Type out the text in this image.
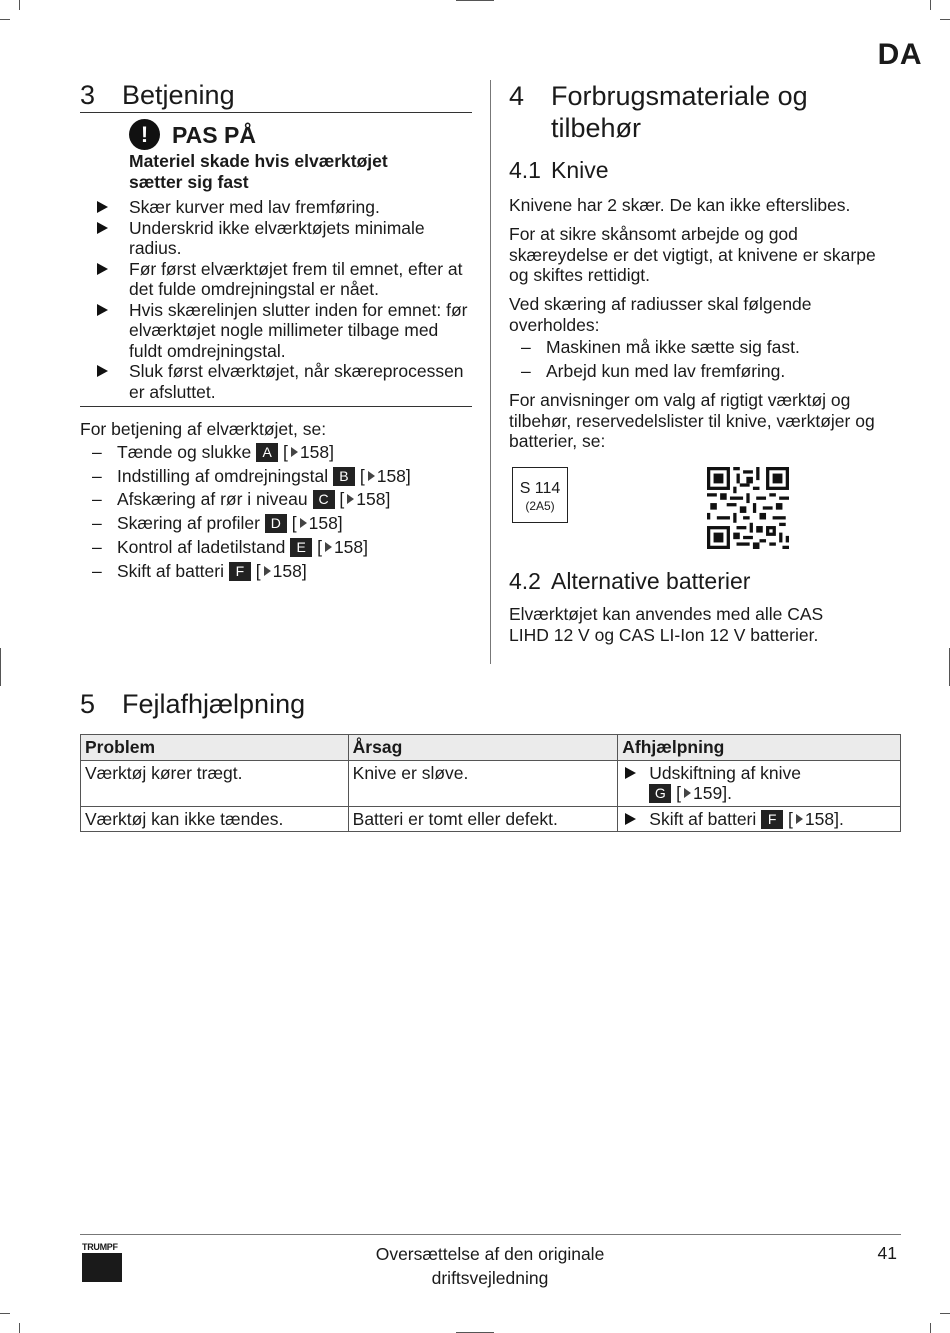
DA
3 Betjening
!	PAS PÅ
Materiel skade hvis elværktøjet sætter sig fast
Skær kurver med lav fremføring.
Underskrid ikke elværktøjets minimale radius.
Før først elværktøjet frem til emnet, efter at det fulde omdrejningstal er nået.
Hvis skærelinjen slutter inden for emnet: før elværktøjet nogle millimeter tilbage med fuldt omdrejningstal.
Sluk først elværktøjet, når skæreprocessen er afsluttet.

For betjening af elværktøjet, se:

– Tænde og slukke A [ 158]
– Indstilling af omdrejningstal B [ 158]
– Afskæring af rør i niveau C [ 158]
– Skæring af profiler D [ 158]
– Kontrol af ladetilstand E [ 158]
– Skift af batteri F [ 158]
4 Forbrugsmateriale og
tilbehør
4.1 Knive

Knivene har 2 skær. De kan ikke efterslibes.

For at sikre skånsomt arbejde og god skæreydelse er det vigtigt, at knivene er skarpe og skiftes rettidigt.

Ved skæring af radiusser skal følgende overholdes:

– Maskinen må ikke sætte sig fast.
– Arbejd kun med lav fremføring.

For anvisninger om valg af rigtigt værktøj og tilbehør, reservedelslister til knive, værktøjer og batterier, se:

S 114
(2A5)
4.2 Alternative batterier

Elværktøjet kan anvendes med alle CAS LIHD 12 V og CAS LI-Ion 12 V batterier.

5 Fejlafhjælpning
Problem	Årsag	Afhjælpning
Værktøj kører trægt.	Knive er sløve.	Udskiftning af knive
G [ 159].

Værktøj kan ikke tændes.	Batteri er tomt eller defekt.	Skift af batteri F [ 158].
TRUMPF	Oversættelse af den originale
driftsvejledning
41
